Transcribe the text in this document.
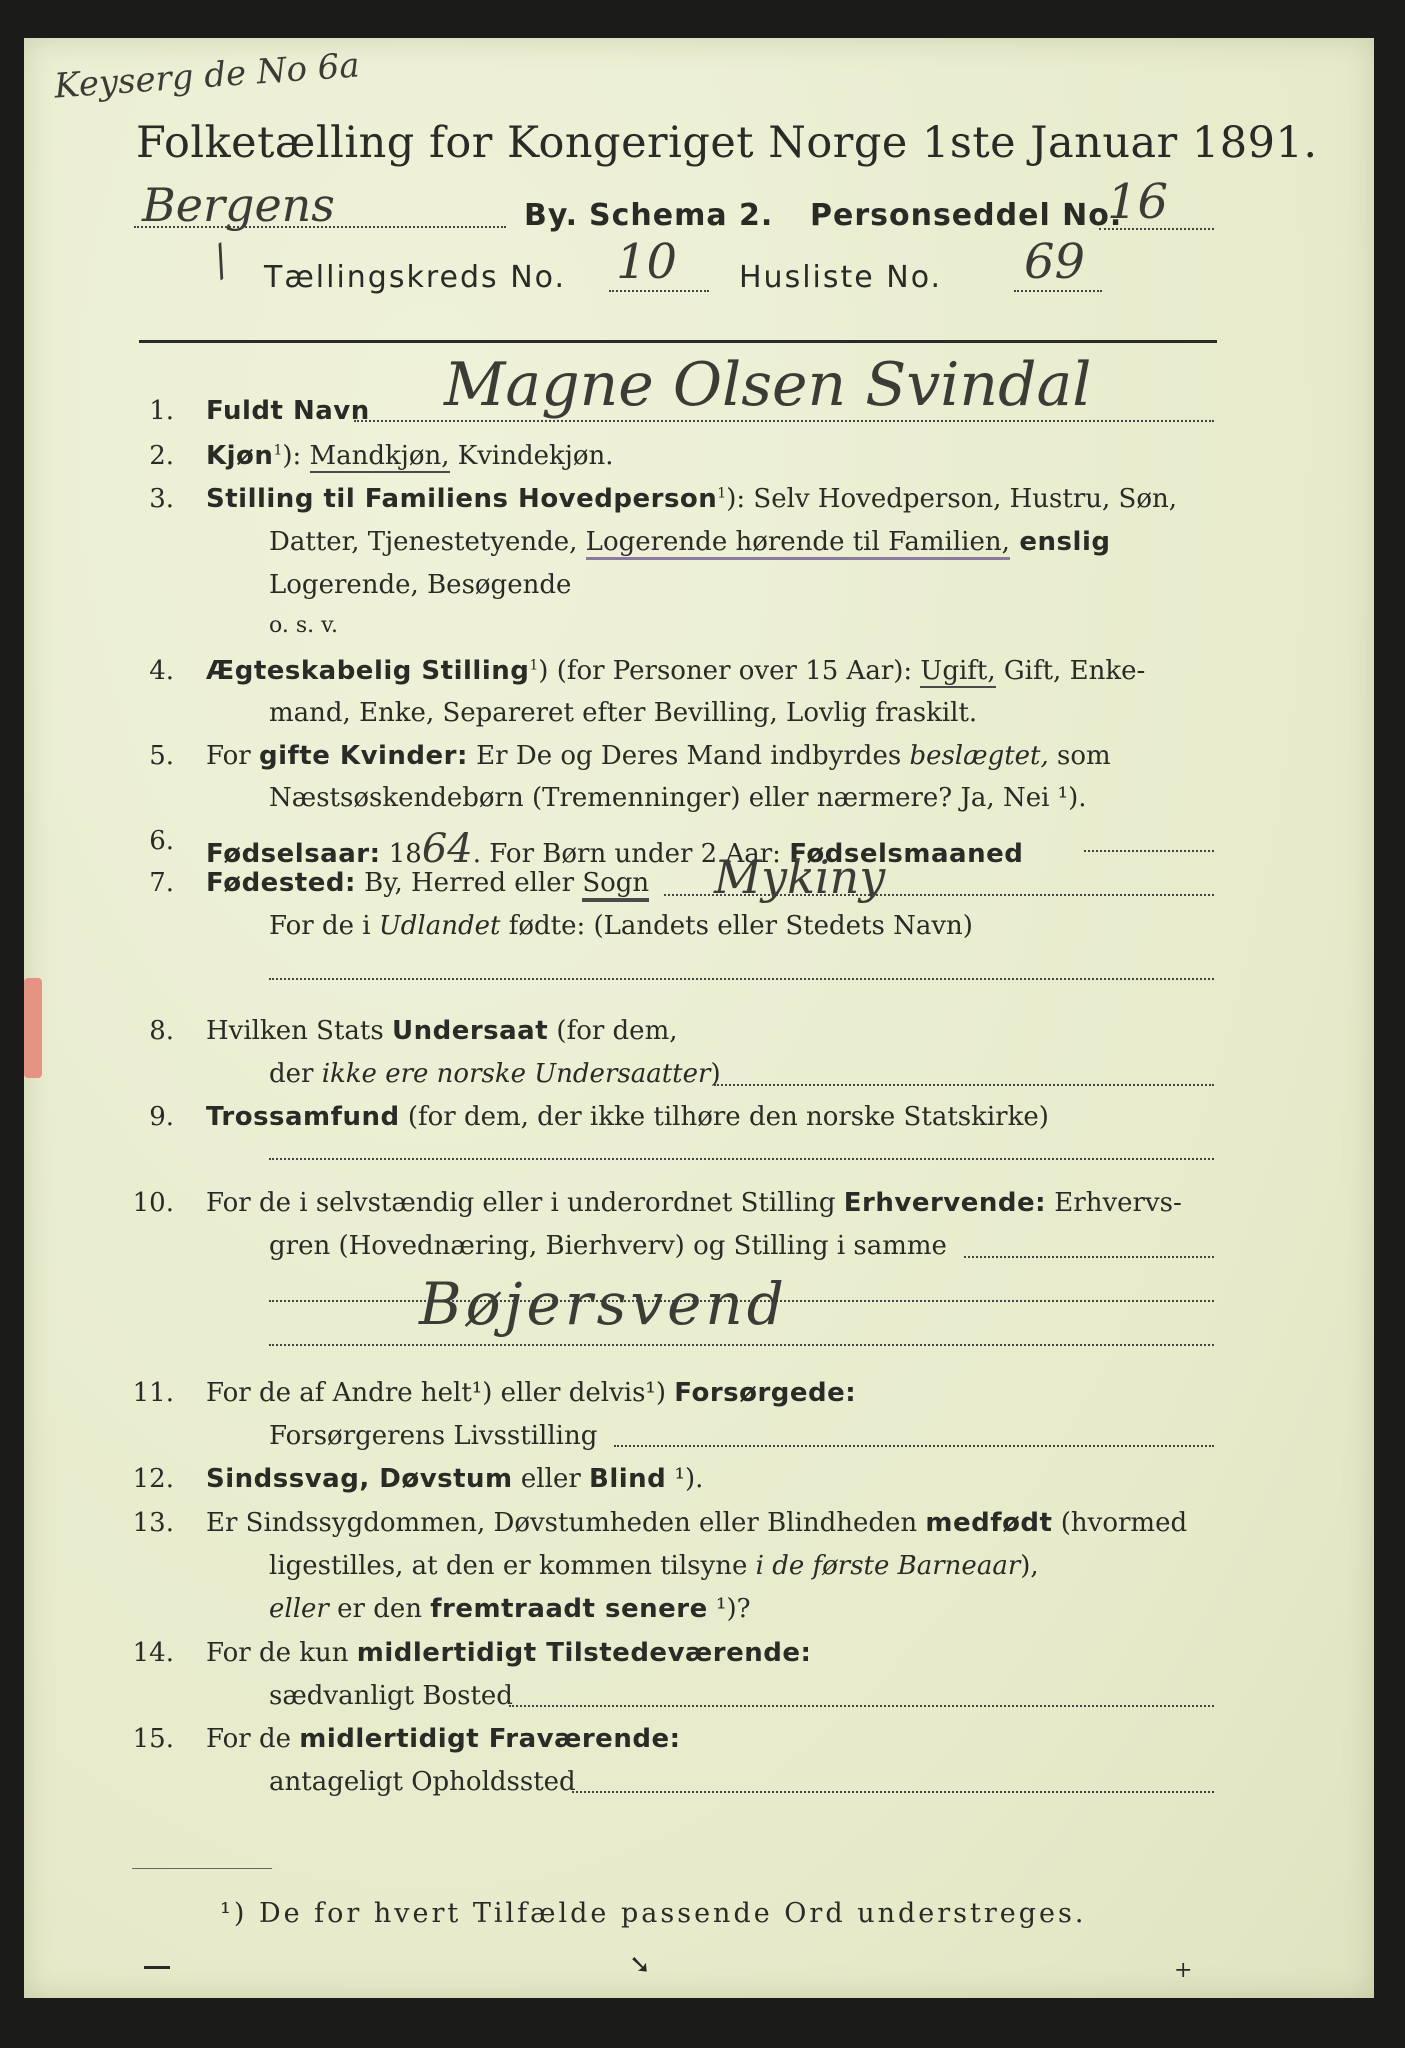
Keyserg de No 6a
Folketælling for Kongeriget Norge 1ste Januar 1891.
Bergens	By. Schema 2. Personseddel No.
16
/ Tællingskreds No. 10 Husliste No. 69
1. Fuldt Navn Magne Olsen Svindal
2. Kjøn$^1$): Mandkjøn, Kvindekjøn.
3. Stilling til Familiens Hovedperson$^1$): Selv Hovedperson, Hustru, Søn,
Datter, Tjenestetyende, Logerende hørende til Familien, enslig
Logerende, Besøgende
o. s. v.
4. Ægteskabelig Stilling$^1$) (for Personer over 15 Aar): Ugift, Gift, Enke-
mand, Enke, Separeret efter Bevilling, Lovlig fraskilt.
5. For gifte Kvinder: Er De og Deres Mand indbyrdes beslægtet, som
Næstsøskendebørn (Tremenninger) eller nærmere? Ja, Nei ¹).
6. Fødselsaar: 1864. For Børn under 2 Aar: Fødselsmaaned
7. Fødested: By, Herred eller Sogn Mykiny
For de i Udlandet fødte: (Landets eller Stedets Navn)
8. Hvilken Stats Undersaat (for dem,
der ikke ere norske Undersaatter)
9. Trossamfund (for dem, der ikke tilhøre den norske Statskirke)
10. For de i selvstændig eller i underordnet Stilling Erhvervende: Erhvervs-
gren (Hovednæring, Bierhverv) og Stilling i samme
Bøjersvend
11. For de af Andre helt¹) eller delvis¹) Forsørgede:
Forsørgerens Livsstilling
12. Sindssvag, Døvstum eller Blind ¹).
13. Er Sindssygdommen, Døvstumheden eller Blindheden medfødt (hvormed
ligestilles, at den er kommen tilsyne i de første Barneaar),
eller er den fremtraadt senere ¹)?
14. For de kun midlertidigt Tilstedeværende:
sædvanligt Bosted
15. For de midlertidigt Fraværende:
antageligt Opholdssted
¹) De for hvert Tilfælde passende Ord understreges.
➘	+
